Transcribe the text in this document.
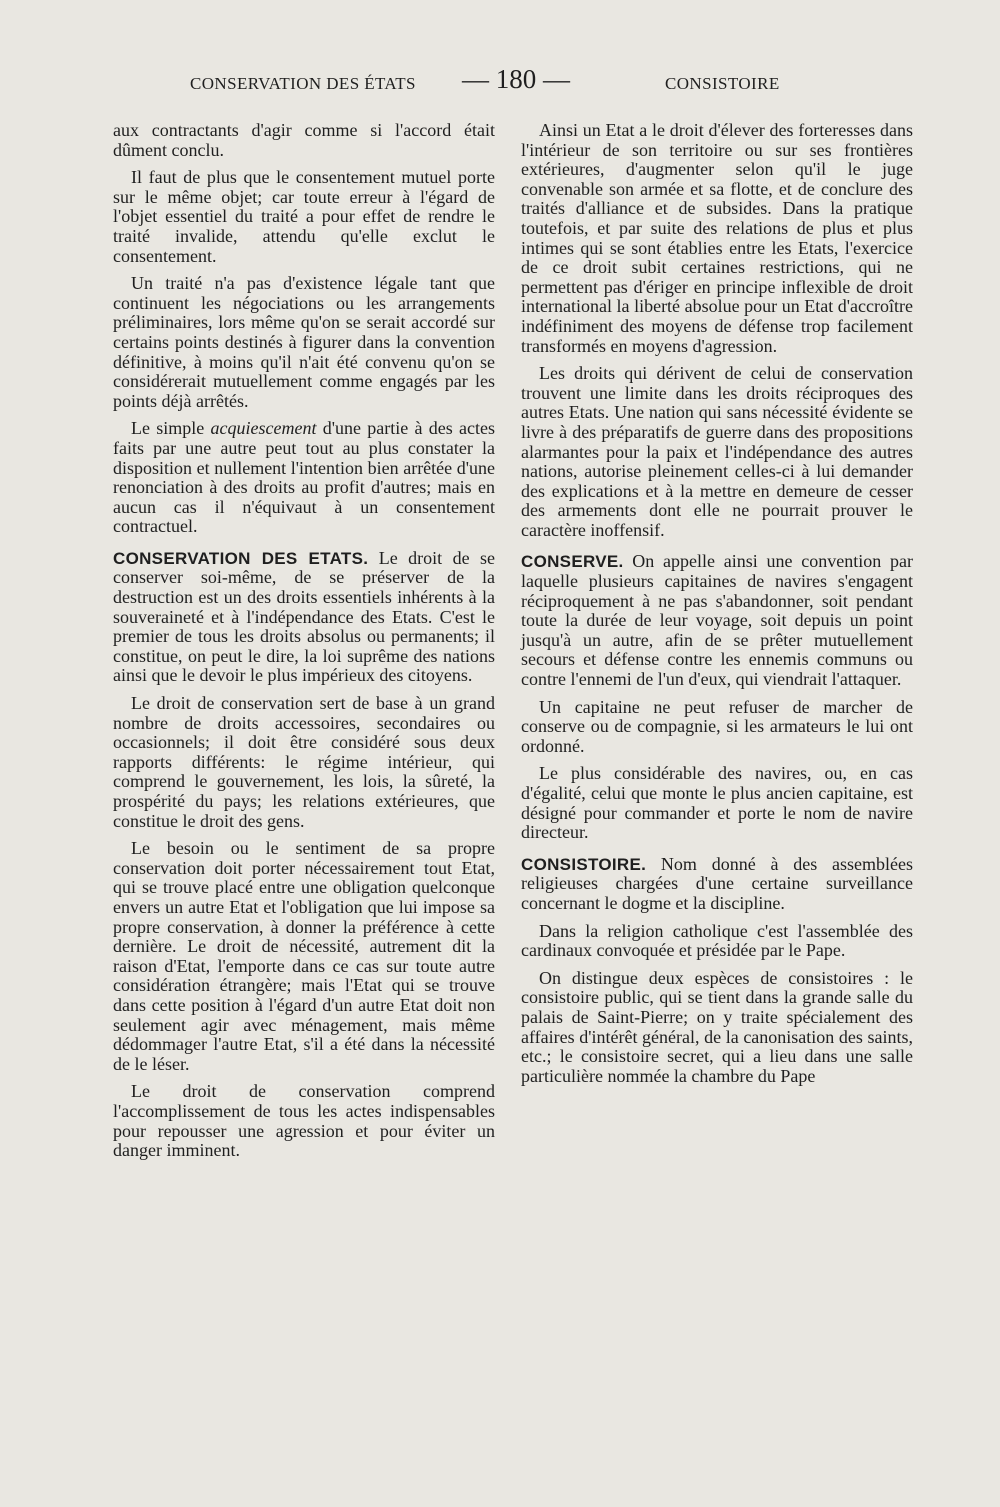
CONSERVATION DES ÉTATS	— 180 —	CONSISTOIRE

aux contractants d'agir comme si l'accord était dûment conclu.

Il faut de plus que le consentement mutuel porte sur le même objet; car toute erreur à l'égard de l'objet essentiel du traité a pour effet de rendre le traité invalide, attendu qu'elle exclut le consentement.

Un traité n'a pas d'existence légale tant que continuent les négociations ou les arrangements préliminaires, lors même qu'on se serait accordé sur certains points destinés à figurer dans la convention définitive, à moins qu'il n'ait été convenu qu'on se considérerait mutuellement comme engagés par les points déjà arrêtés.

Le simple acquiescement d'une partie à des actes faits par une autre peut tout au plus constater la disposition et nullement l'intention bien arrêtée d'une renonciation à des droits au profit d'autres; mais en aucun cas il n'équivaut à un consentement contractuel.

CONSERVATION DES ETATS. Le droit de se conserver soi-même, de se préserver de la destruction est un des droits essentiels inhérents à la souveraineté et à l'indépendance des Etats. C'est le premier de tous les droits absolus ou permanents; il constitue, on peut le dire, la loi suprême des nations ainsi que le devoir le plus impérieux des citoyens.

Le droit de conservation sert de base à un grand nombre de droits accessoires, secondaires ou occasionnels; il doit être considéré sous deux rapports différents: le régime intérieur, qui comprend le gouvernement, les lois, la sûreté, la prospérité du pays; les relations extérieures, que constitue le droit des gens.

Le besoin ou le sentiment de sa propre conservation doit porter nécessairement tout Etat, qui se trouve placé entre une obligation quelconque envers un autre Etat et l'obligation que lui impose sa propre conservation, à donner la préférence à cette dernière. Le droit de nécessité, autrement dit la raison d'Etat, l'emporte dans ce cas sur toute autre considération étrangère; mais l'Etat qui se trouve dans cette position à l'égard d'un autre Etat doit non seulement agir avec ménagement, mais même dédommager l'autre Etat, s'il a été dans la nécessité de le léser.

Le droit de conservation comprend l'accomplissement de tous les actes indispensables pour repousser une agression et pour éviter un danger imminent.

Ainsi un Etat a le droit d'élever des forteresses dans l'intérieur de son territoire ou sur ses frontières extérieures, d'augmenter selon qu'il le juge convenable son armée et sa flotte, et de conclure des traités d'alliance et de subsides. Dans la pratique toutefois, et par suite des relations de plus et plus intimes qui se sont établies entre les Etats, l'exercice de ce droit subit certaines restrictions, qui ne permettent pas d'ériger en principe inflexible de droit international la liberté absolue pour un Etat d'accroître indéfiniment des moyens de défense trop facilement transformés en moyens d'agression.

Les droits qui dérivent de celui de conservation trouvent une limite dans les droits réciproques des autres Etats. Une nation qui sans nécessité évidente se livre à des préparatifs de guerre dans des propositions alarmantes pour la paix et l'indépendance des autres nations, autorise pleinement celles-ci à lui demander des explications et à la mettre en demeure de cesser des armements dont elle ne pourrait prouver le caractère inoffensif.

CONSERVE. On appelle ainsi une convention par laquelle plusieurs capitaines de navires s'engagent réciproquement à ne pas s'abandonner, soit pendant toute la durée de leur voyage, soit depuis un point jusqu'à un autre, afin de se prêter mutuellement secours et défense contre les ennemis communs ou contre l'ennemi de l'un d'eux, qui viendrait l'attaquer.

Un capitaine ne peut refuser de marcher de conserve ou de compagnie, si les armateurs le lui ont ordonné.

Le plus considérable des navires, ou, en cas d'égalité, celui que monte le plus ancien capitaine, est désigné pour commander et porte le nom de navire directeur.

CONSISTOIRE. Nom donné à des assemblées religieuses chargées d'une certaine surveillance concernant le dogme et la discipline.

Dans la religion catholique c'est l'assemblée des cardinaux convoquée et présidée par le Pape.

On distingue deux espèces de consistoires : le consistoire public, qui se tient dans la grande salle du palais de Saint-Pierre; on y traite spécialement des affaires d'intérêt général, de la canonisation des saints, etc.; le consistoire secret, qui a lieu dans une salle particulière nommée la chambre du Pape
